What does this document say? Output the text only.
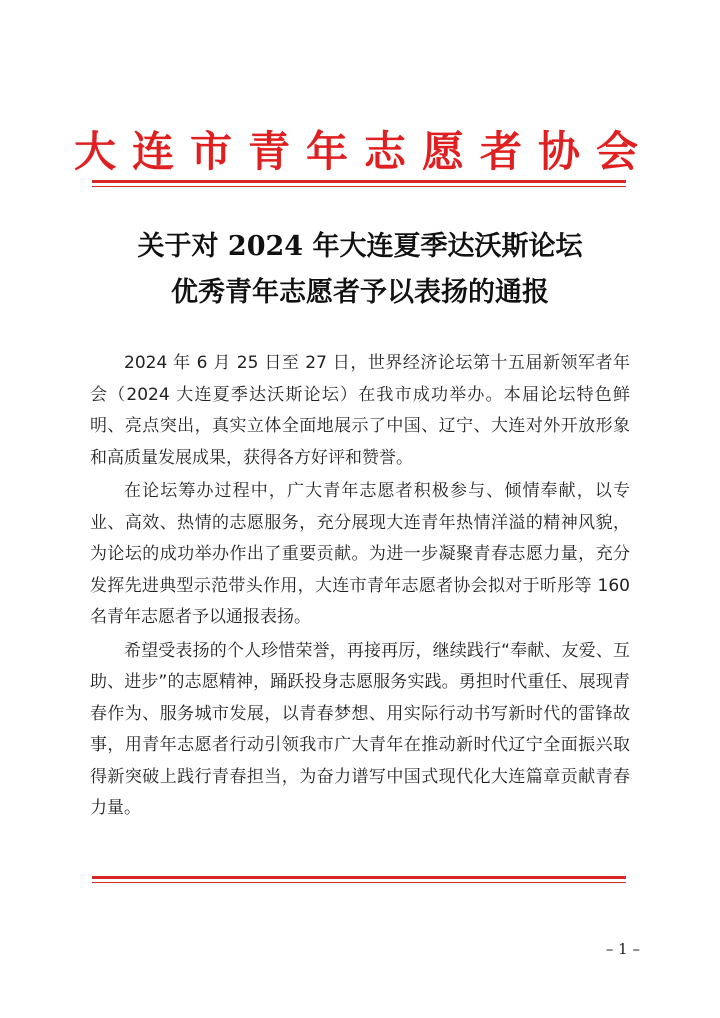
大连市青年志愿者协会
关于对 2024 年大连夏季达沃斯论坛
优秀青年志愿者予以表扬的通报

2024 年 6 月 25 日至 27 日，世界经济论坛第十五届新领军者年会（2024 大连夏季达沃斯论坛）在我市成功举办。本届论坛特色鲜明、亮点突出，真实立体全面地展示了中国、辽宁、大连对外开放形象和高质量发展成果，获得各方好评和赞誉。

在论坛筹办过程中，广大青年志愿者积极参与、倾情奉献，以专业、高效、热情的志愿服务，充分展现大连青年热情洋溢的精神风貌，为论坛的成功举办作出了重要贡献。为进一步凝聚青春志愿力量，充分发挥先进典型示范带头作用，大连市青年志愿者协会拟对于昕彤等 160 名青年志愿者予以通报表扬。

希望受表扬的个人珍惜荣誉，再接再厉，继续践行“奉献、友爱、互助、进步”的志愿精神，踊跃投身志愿服务实践。勇担时代重任、展现青春作为、服务城市发展，以青春梦想、用实际行动书写新时代的雷锋故事，用青年志愿者行动引领我市广大青年在推动新时代辽宁全面振兴取得新突破上践行青春担当，为奋力谱写中国式现代化大连篇章贡献青春力量。

– 1 –
